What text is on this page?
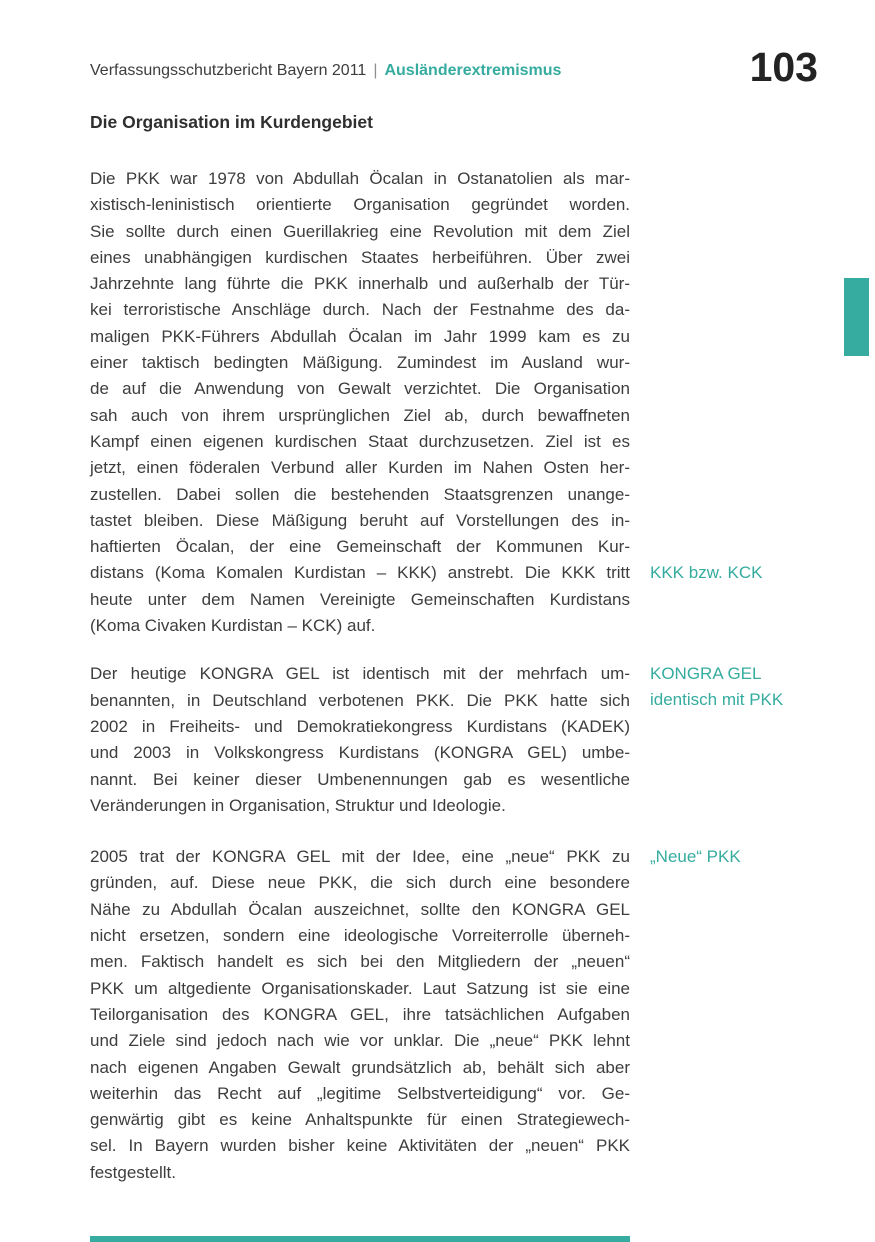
Verfassungsschutzbericht Bayern 2011 | Ausländerextremismus	103
Die Organisation im Kurdengebiet
Die PKK war 1978 von Abdullah Öcalan in Ostanatolien als mar-
xistisch-leninistisch orientierte Organisation gegründet worden.
Sie sollte durch einen Guerillakrieg eine Revolution mit dem Ziel
eines unabhängigen kurdischen Staates herbeiführen. Über zwei
Jahrzehnte lang führte die PKK innerhalb und außerhalb der Tür-
kei terroristische Anschläge durch. Nach der Festnahme des da-
maligen PKK-Führers Abdullah Öcalan im Jahr 1999 kam es zu
einer taktisch bedingten Mäßigung. Zumindest im Ausland wur-
de auf die Anwendung von Gewalt verzichtet. Die Organisation
sah auch von ihrem ursprünglichen Ziel ab, durch bewaffneten
Kampf einen eigenen kurdischen Staat durchzusetzen. Ziel ist es
jetzt, einen föderalen Verbund aller Kurden im Nahen Osten her-
zustellen. Dabei sollen die bestehenden Staatsgrenzen unange-
tastet bleiben. Diese Mäßigung beruht auf Vorstellungen des in-
haftierten Öcalan, der eine Gemeinschaft der Kommunen Kur-
distans (Koma Komalen Kurdistan – KKK) anstrebt. Die KKK tritt
heute unter dem Namen Vereinigte Gemeinschaften Kurdistans
(Koma Civaken Kurdistan – KCK) auf.
Der heutige KONGRA GEL ist identisch mit der mehrfach um-
benannten, in Deutschland verbotenen PKK. Die PKK hatte sich
2002 in Freiheits- und Demokratiekongress Kurdistans (KADEK)
und 2003 in Volkskongress Kurdistans (KONGRA GEL) umbe-
nannt. Bei keiner dieser Umbenennungen gab es wesentliche
Veränderungen in Organisation, Struktur und Ideologie.
2005 trat der KONGRA GEL mit der Idee, eine „neue“ PKK zu
gründen, auf. Diese neue PKK, die sich durch eine besondere
Nähe zu Abdullah Öcalan auszeichnet, sollte den KONGRA GEL
nicht ersetzen, sondern eine ideologische Vorreiterrolle überneh-
men. Faktisch handelt es sich bei den Mitgliedern der „neuen“
PKK um altgediente Organisationskader. Laut Satzung ist sie eine
Teilorganisation des KONGRA GEL, ihre tatsächlichen Aufgaben
und Ziele sind jedoch nach wie vor unklar. Die „neue“ PKK lehnt
nach eigenen Angaben Gewalt grundsätzlich ab, behält sich aber
weiterhin das Recht auf „legitime Selbstverteidigung“ vor. Ge-
genwärtig gibt es keine Anhaltspunkte für einen Strategiewech-
sel. In Bayern wurden bisher keine Aktivitäten der „neuen“ PKK
festgestellt.
KKK bzw. KCK
KONGRA GEL
identisch mit PKK
„Neue“ PKK
